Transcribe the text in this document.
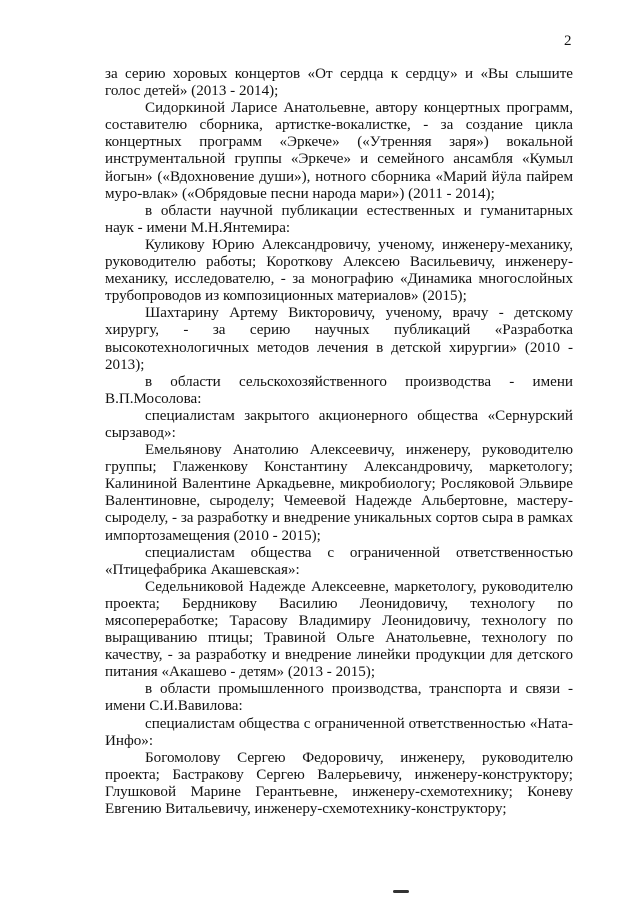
2

за серию хоровых концертов «От сердца к сердцу» и «Вы слышите голос детей» (2013 - 2014);

Сидоркиной Ларисе Анатольевне, автору концертных программ, составителю сборника, артистке-вокалистке, - за создание цикла концертных программ «Эркече» («Утренняя заря») вокальной инструментальной группы «Эркече» и семейного ансамбля «Кумыл йогын» («Вдохновение души»), нотного сборника «Марий йӱла пайрем муро-влак» («Обрядовые песни народа мари») (2011 - 2014);

в области научной публикации естественных и гуманитарных наук - имени М.Н.Янтемира:

Куликову Юрию Александровичу, ученому, инженеру-механику, руководителю работы; Короткову Алексею Васильевичу, инженеру-механику, исследователю, - за монографию «Динамика многослойных трубопроводов из композиционных материалов» (2015);

Шахтарину Артему Викторовичу, ученому, врачу - детскому хирургу, - за серию научных публикаций «Разработка высокотехнологичных методов лечения в детской хирургии» (2010 - 2013);

в области сельскохозяйственного производства - имени В.П.Мосолова:

специалистам закрытого акционерного общества «Сернурский сырзавод»:

Емельянову Анатолию Алексеевичу, инженеру, руководителю группы; Глаженкову Константину Александровичу, маркетологу; Калининой Валентине Аркадьевне, микробиологу; Росляковой Эльвире Валентиновне, сыроделу; Чемеевой Надежде Альбертовне, мастеру-сыроделу, - за разработку и внедрение уникальных сортов сыра в рамках импортозамещения (2010 - 2015);

специалистам общества с ограниченной ответственностью «Птицефабрика Акашевская»:

Седельниковой Надежде Алексеевне, маркетологу, руководителю проекта; Бердникову Василию Леонидовичу, технологу по мясопереработке; Тарасову Владимиру Леонидовичу, технологу по выращиванию птицы; Травиной Ольге Анатольевне, технологу по качеству, - за разработку и внедрение линейки продукции для детского питания «Акашево - детям» (2013 - 2015);

в области промышленного производства, транспорта и связи - имени С.И.Вавилова:

специалистам общества с ограниченной ответственностью «Ната-Инфо»:

Богомолову Сергею Федоровичу, инженеру, руководителю проекта; Бастракову Сергею Валерьевичу, инженеру-конструктору; Глушковой Марине Герантьевне, инженеру-схемотехнику; Коневу Евгению Витальевичу, инженеру-схемотехнику-конструктору;
